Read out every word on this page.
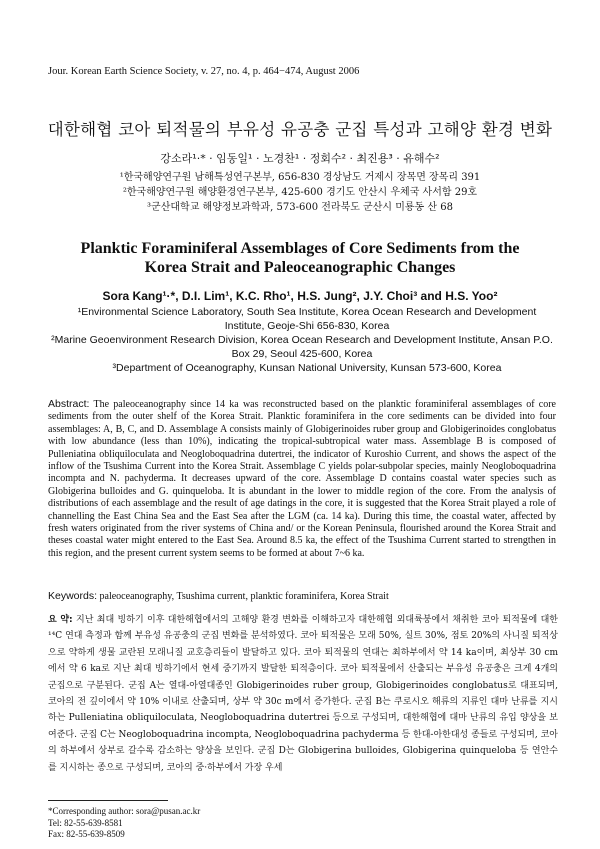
Jour. Korean Earth Science Society, v. 27, no. 4, p. 464−474, August 2006
대한해협 코아 퇴적물의 부유성 유공충 군집 특성과 고해양 환경 변화
강소라¹·* · 임동일¹ · 노경찬¹ · 정회수² · 최진용³ · 유해수²
¹한국해양연구원 남해특성연구본부, 656-830 경상남도 거제시 장목면 장목리 391
²한국해양연구원 해양환경연구본부, 425-600 경기도 안산시 우체국 사서함 29호
³군산대학교 해양정보과학과, 573-600 전라북도 군산시 미룡동 산 68
Planktic Foraminiferal Assemblages of Core Sediments from the
Korea Strait and Paleoceanographic Changes
Sora Kang¹·*, D.I. Lim¹, K.C. Rho¹, H.S. Jung², J.Y. Choi³ and H.S. Yoo²
¹Environmental Science Laboratory, South Sea Institute, Korea Ocean Research and Development Institute, Geoje-Shi 656-830, Korea
²Marine Geoenvironment Research Division, Korea Ocean Research and Development Institute, Ansan P.O. Box 29, Seoul 425-600, Korea
³Department of Oceanography, Kunsan National University, Kunsan 573-600, Korea
Abstract: The paleoceanography since 14 ka was reconstructed based on the planktic foraminiferal assemblages of core sediments from the outer shelf of the Korea Strait. Planktic foraminifera in the core sediments can be divided into four assemblages: A, B, C, and D. Assemblage A consists mainly of Globigerinoides ruber group and Globigerinoides conglobatus with low abundance (less than 10%), indicating the tropical-subtropical water mass. Assemblage B is composed of Pulleniatina obliquiloculata and Neogloboquadrina dutertrei, the indicator of Kuroshio Current, and shows the aspect of the inflow of the Tsushima Current into the Korea Strait. Assemblage C yields polar-subpolar species, mainly Neogloboquadrina incompta and N. pachyderma. It decreases upward of the core. Assemblage D contains coastal water species such as Globigerina bulloides and G. quinqueloba. It is abundant in the lower to middle region of the core. From the analysis of distributions of each assemblage and the result of age datings in the core, it is suggested that the Korea Strait played a role of channelling the East China Sea and the East Sea after the LGM (ca. 14 ka). During this time, the coastal water, affected by fresh waters originated from the river systems of China and/ or the Korean Peninsula, flourished around the Korea Strait and theses coastal water might entered to the East Sea. Around 8.5 ka, the effect of the Tsushima Current started to strengthen in this region, and the present current system seems to be formed at about 7~6 ka.
Keywords: paleoceanography, Tsushima current, planktic foraminifera, Korea Strait
요 약: 지난 최대 빙하기 이후 대한해협에서의 고해양 환경 변화를 이해하고자 대한해협 외대륙붕에서 채취한 코아 퇴적물에 대한 ¹⁴C 연대 측정과 함께 부유성 유공충의 군집 변화를 분석하였다. 코아 퇴적물은 모래 50%, 실트 30%, 점토 20%의 사니질 퇴적상으로 약하게 생물 교란된 모래니질 교호층리들이 발달하고 있다. 코아 퇴적물의 연대는 최하부에서 약 14 ka이며, 최상부 30 cm에서 약 6 ka로 지난 최대 빙하기에서 현세 중기까지 발달한 퇴적층이다. 코아 퇴적물에서 산출되는 부유성 유공충은 크게 4개의 군집으로 구분된다. 군집 A는 열대-아열대종인 Globigerinoides ruber group, Globigerinoides conglobatus로 대표되며, 코아의 전 깊이에서 약 10% 이내로 산출되며, 상부 약 30c m에서 증가한다. 군집 B는 쿠로시오 해류의 지류인 대마 난류를 지시하는 Pulleniatina obliquiloculata, Neogloboquadrina dutertrei 등으로 구성되며, 대한해협에 대마 난류의 유입 양상을 보여준다. 군집 C는 Neogloboquadrina incompta, Neogloboquadrina pachyderma 등 한대-아한대성 종들로 구성되며, 코아의 하부에서 상부로 갈수록 감소하는 양상을 보인다. 군집 D는 Globigerina bulloides, Globigerina quinqueloba 등 연안수를 지시하는 종으로 구성되며, 코아의 중·하부에서 가장 우세
*Corresponding author: sora@pusan.ac.kr
Tel: 82-55-639-8581
Fax: 82-55-639-8509
